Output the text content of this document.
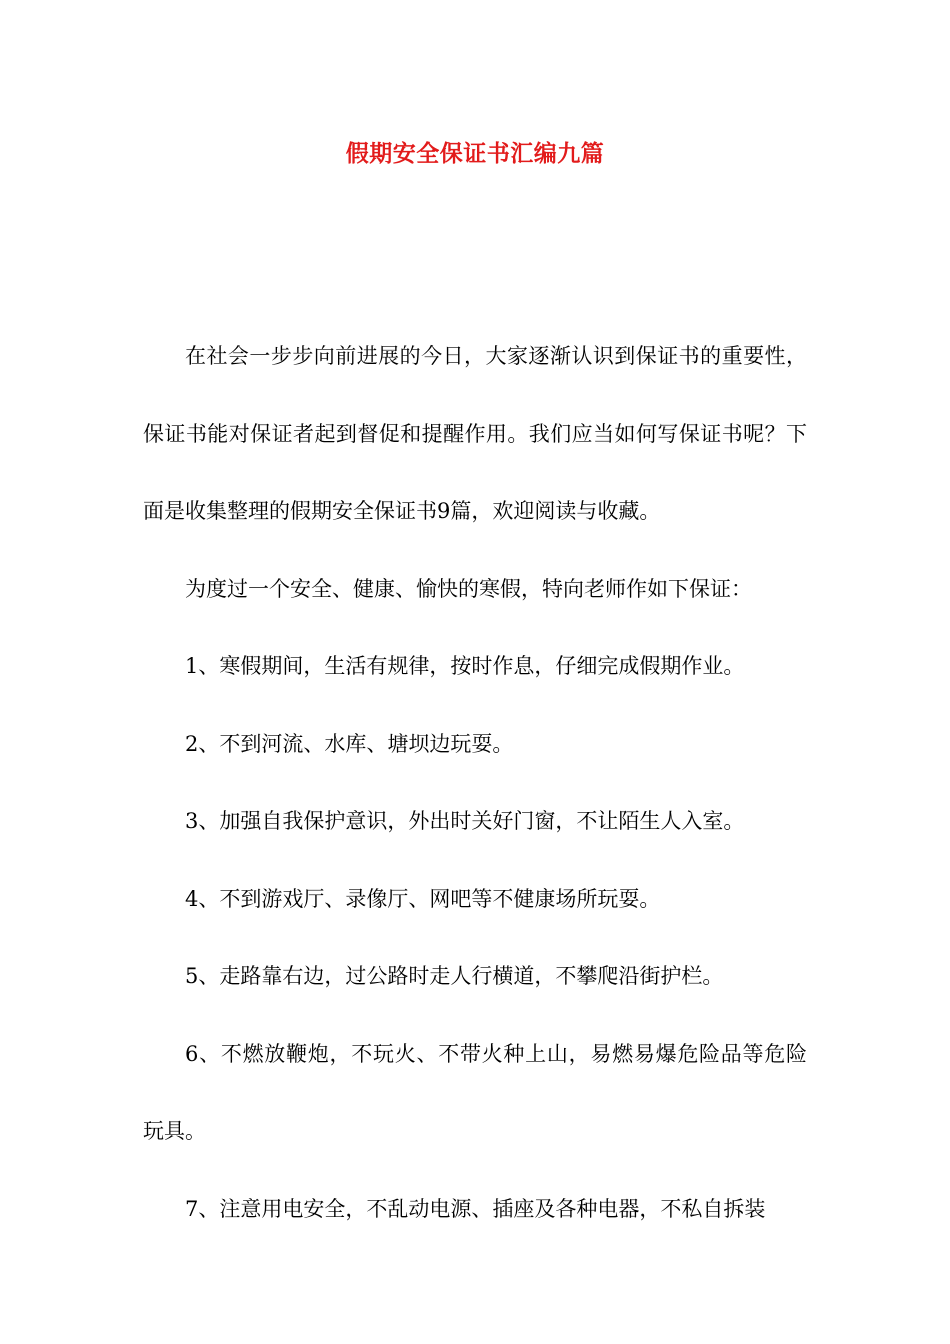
假期安全保证书汇编九篇

在社会一步步向前进展的今日，大家逐渐认识到保证书的重要性，保证书能对保证者起到督促和提醒作用。我们应当如何写保证书呢？下面是收集整理的假期安全保证书9篇，欢迎阅读与收藏。

为度过一个安全、健康、愉快的寒假，特向老师作如下保证：

1、寒假期间，生活有规律，按时作息，仔细完成假期作业。

2、不到河流、水库、塘坝边玩耍。

3、加强自我保护意识，外出时关好门窗，不让陌生人入室。

4、不到游戏厅、录像厅、网吧等不健康场所玩耍。

5、走路靠右边，过公路时走人行横道，不攀爬沿街护栏。

6、不燃放鞭炮，不玩火、不带火种上山，易燃易爆危险品等危险玩具。

7、注意用电安全，不乱动电源、插座及各种电器，不私自拆装
